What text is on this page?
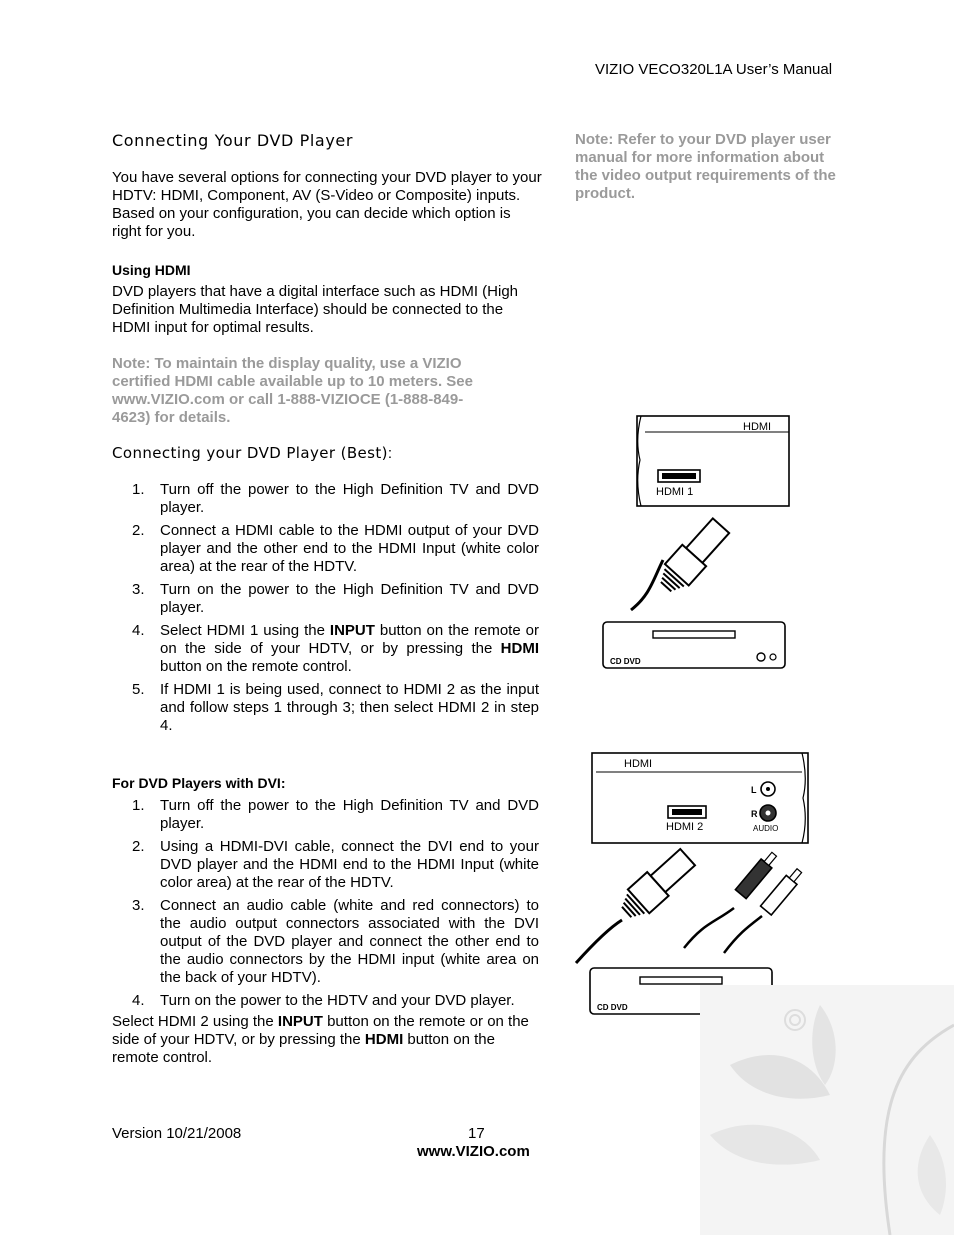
VIZIO VECO320L1A User’s Manual
Connecting Your DVD Player
You have several options for connecting your DVD player to your HDTV: HDMI, Component, AV (S-Video or Composite) inputs. Based on your configuration, you can decide which option is right for you.
Note: Refer to your DVD player user manual for more information about the video output requirements of the product.
Using HDMI
DVD players that have a digital interface such as HDMI (High Definition Multimedia Interface) should be connected to the HDMI input for optimal results.
Note: To maintain the display quality, use a VIZIO certified HDMI cable available up to 10 meters. See www.VIZIO.com or call 1-888-VIZIOCE (1-888-849-4623) for details.
Connecting your DVD Player (Best):
1. Turn off the power to the High Definition TV and DVD player.
2. Connect a HDMI cable to the HDMI output of your DVD player and the other end to the HDMI Input (white color area) at the rear of the HDTV.
3. Turn on the power to the High Definition TV and DVD player.
4. Select HDMI 1 using the INPUT button on the remote or on the side of your HDTV, or by pressing the HDMI button on the remote control.
5. If HDMI 1 is being used, connect to HDMI 2 as the input and follow steps 1 through 3; then select HDMI 2 in step 4.
For DVD Players with DVI:
1. Turn off the power to the High Definition TV and DVD player.
2. Using a HDMI-DVI cable, connect the DVI end to your DVD player and the HDMI end to the HDMI Input (white color area) at the rear of the HDTV.
3. Connect an audio cable (white and red connectors) to the audio output connectors associated with the DVI output of the DVD player and connect the other end to the audio connectors by the HDMI input (white area on the back of your HDTV).
4. Turn on the power to the HDTV and your DVD player.
Select HDMI 2 using the INPUT button on the remote or on the side of your HDTV, or by pressing the HDMI button on the remote control.
HDMI
HDMI 1
CD DVD
HDMI
HDMI 2
L
R
AUDIO
CD DVD
Version 10/21/2008	17
www.VIZIO.com
